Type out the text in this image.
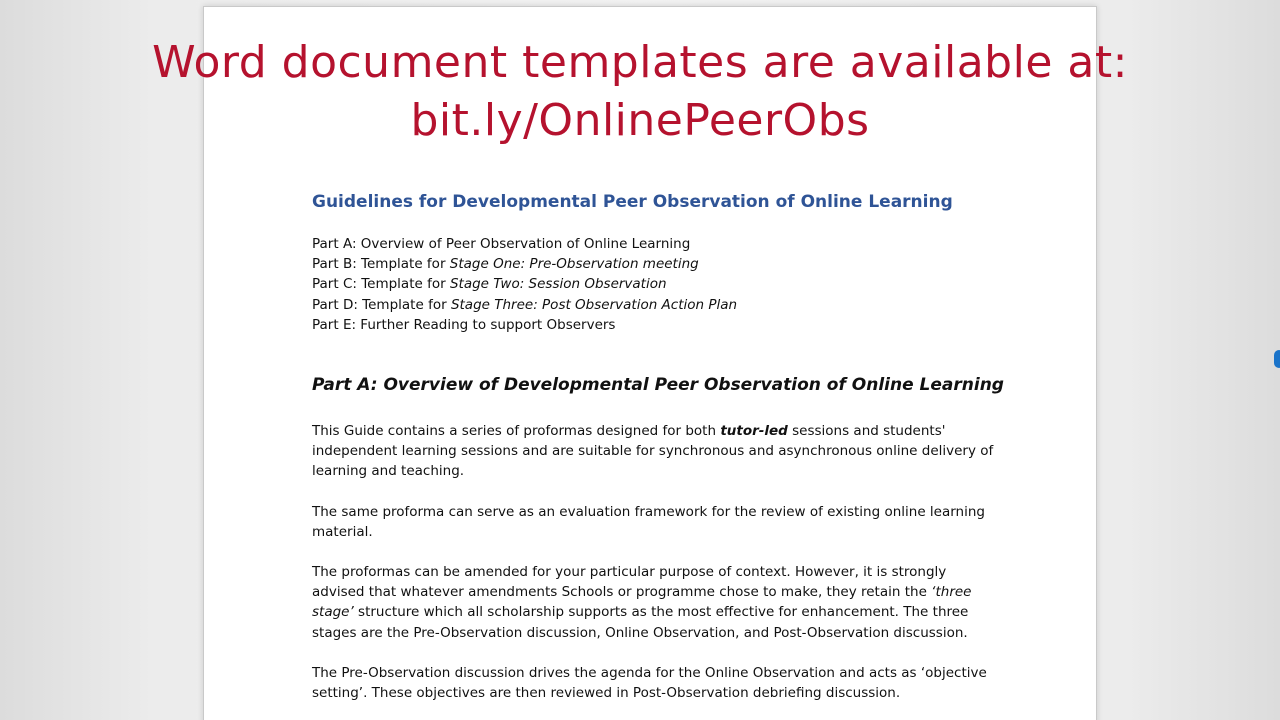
Word document templates are available at:
bit.ly/OnlinePeerObs
Guidelines for Developmental Peer Observation of Online Learning
Part A: Overview of Peer Observation of Online Learning
Part B: Template for Stage One: Pre-Observation meeting
Part C: Template for Stage Two: Session Observation
Part D: Template for Stage Three: Post Observation Action Plan
Part E: Further Reading to support Observers
Part A: Overview of Developmental Peer Observation of Online Learning
This Guide contains a series of proformas designed for both tutor-led sessions and students' independent learning sessions and are suitable for synchronous and asynchronous online delivery of learning and teaching.
The same proforma can serve as an evaluation framework for the review of existing online learning material.
The proformas can be amended for your particular purpose of context. However, it is strongly advised that whatever amendments Schools or programme chose to make, they retain the ‘three stage’ structure which all scholarship supports as the most effective for enhancement. The three stages are the Pre-Observation discussion, Online Observation, and Post-Observation discussion.
The Pre-Observation discussion drives the agenda for the Online Observation and acts as ‘objective setting’. These objectives are then reviewed in Post-Observation debriefing discussion.
